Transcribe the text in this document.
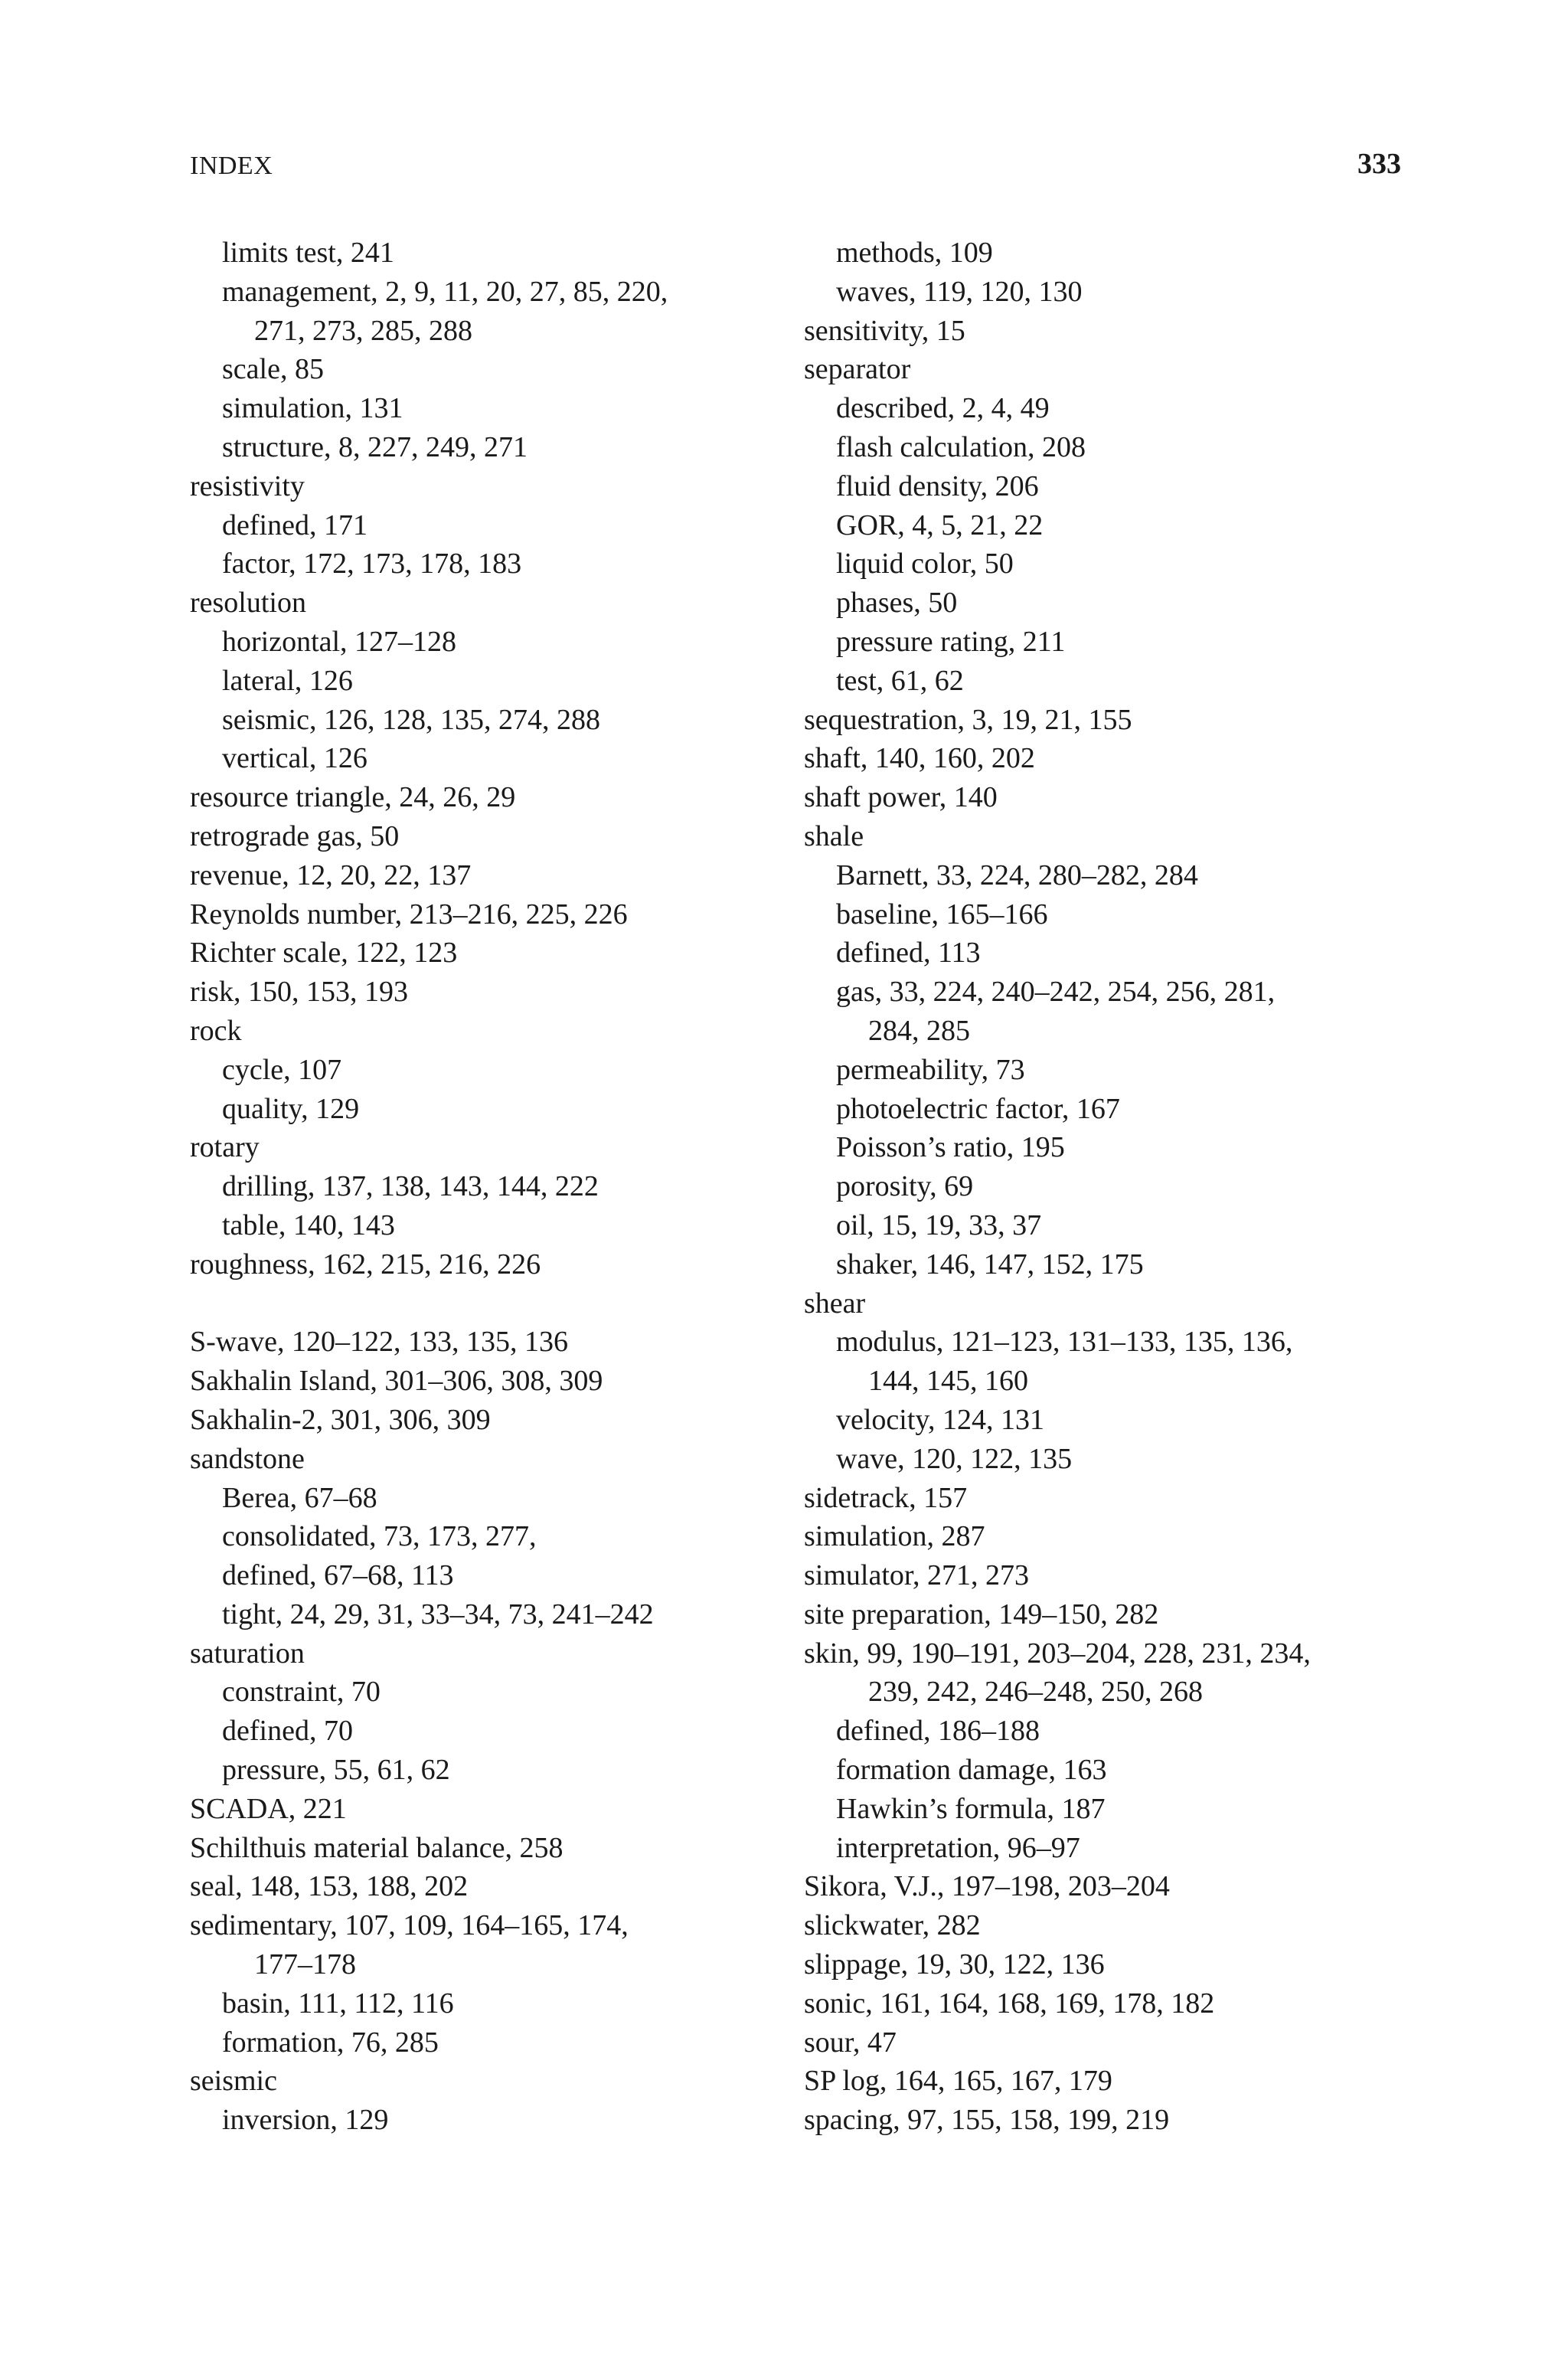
INDEX	333
limits test, 241
management, 2, 9, 11, 20, 27, 85, 220,
271, 273, 285, 288
scale, 85
simulation, 131
structure, 8, 227, 249, 271
resistivity
defined, 171
factor, 172, 173, 178, 183
resolution
horizontal, 127–128
lateral, 126
seismic, 126, 128, 135, 274, 288
vertical, 126
resource triangle, 24, 26, 29
retrograde gas, 50
revenue, 12, 20, 22, 137
Reynolds number, 213–216, 225, 226
Richter scale, 122, 123
risk, 150, 153, 193
rock
cycle, 107
quality, 129
rotary
drilling, 137, 138, 143, 144, 222
table, 140, 143
roughness, 162, 215, 216, 226
S-wave, 120–122, 133, 135, 136
Sakhalin Island, 301–306, 308, 309
Sakhalin-2, 301, 306, 309
sandstone
Berea, 67–68
consolidated, 73, 173, 277,
defined, 67–68, 113
tight, 24, 29, 31, 33–34, 73, 241–242
saturation
constraint, 70
defined, 70
pressure, 55, 61, 62
SCADA, 221
Schilthuis material balance, 258
seal, 148, 153, 188, 202
sedimentary, 107, 109, 164–165, 174,
177–178
basin, 111, 112, 116
formation, 76, 285
seismic
inversion, 129
methods, 109
waves, 119, 120, 130
sensitivity, 15
separator
described, 2, 4, 49
flash calculation, 208
fluid density, 206
GOR, 4, 5, 21, 22
liquid color, 50
phases, 50
pressure rating, 211
test, 61, 62
sequestration, 3, 19, 21, 155
shaft, 140, 160, 202
shaft power, 140
shale
Barnett, 33, 224, 280–282, 284
baseline, 165–166
defined, 113
gas, 33, 224, 240–242, 254, 256, 281,
284, 285
permeability, 73
photoelectric factor, 167
Poisson’s ratio, 195
porosity, 69
oil, 15, 19, 33, 37
shaker, 146, 147, 152, 175
shear
modulus, 121–123, 131–133, 135, 136,
144, 145, 160
velocity, 124, 131
wave, 120, 122, 135
sidetrack, 157
simulation, 287
simulator, 271, 273
site preparation, 149–150, 282
skin, 99, 190–191, 203–204, 228, 231, 234,
239, 242, 246–248, 250, 268
defined, 186–188
formation damage, 163
Hawkin’s formula, 187
interpretation, 96–97
Sikora, V.J., 197–198, 203–204
slickwater, 282
slippage, 19, 30, 122, 136
sonic, 161, 164, 168, 169, 178, 182
sour, 47
SP log, 164, 165, 167, 179
spacing, 97, 155, 158, 199, 219
